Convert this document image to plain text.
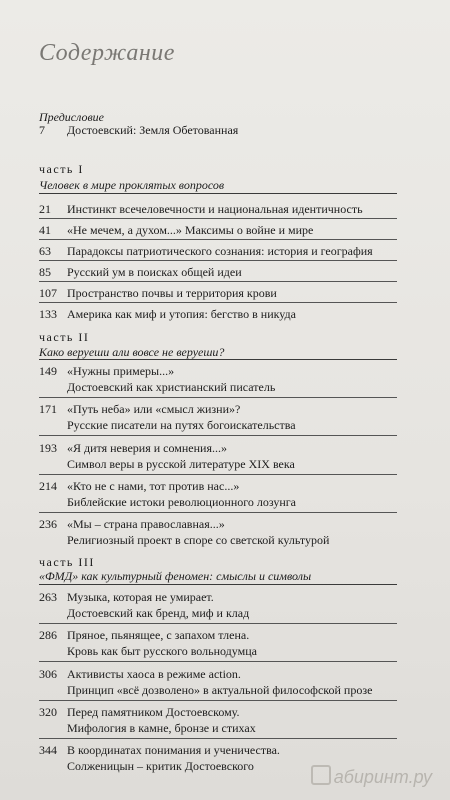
Содержание
Предисловие
7	Достоевский: Земля Обетованная
часть I
Человек в мире проклятых вопросов
21	Инстинкт всечеловечности и национальная идентичность
41	«Не мечем, а духом...» Максимы о войне и мире
63	Парадоксы патриотического сознания: история и география
85	Русский ум в поисках общей идеи
107 Пространство почвы и территория крови
133 Америка как миф и утопия: бегство в никуда
часть II
Како веруеши али вовсе не веруеши?
149 «Нужны примеры...»
Достоевский как христианский писатель
171 «Путь неба» или «смысл жизни»?
Русские писатели на путях богоискательства
193 «Я дитя неверия и сомнения...»
Символ веры в русской литературе XIX века
214 «Кто не с нами, тот против нас...»
Библейские истоки революционного лозунга
236 «Мы – страна православная...»
Религиозный проект в споре со светской культурой
часть III
«ФМД» как культурный феномен: смыслы и символы
263 Музыка, которая не умирает.
Достоевский как бренд, миф и клад
286 Пряное, пьянящее, с запахом тлена.
Кровь как быт русского вольнодумца
306 Активисты хаоса в режиме action.
Принцип «всё дозволено» в актуальной философской прозе
320 Перед памятником Достоевскому.
Мифология в камне, бронзе и стихах
344 В координатах понимания и ученичества.
Солженицын – критик Достоевского
абиринт.ру
